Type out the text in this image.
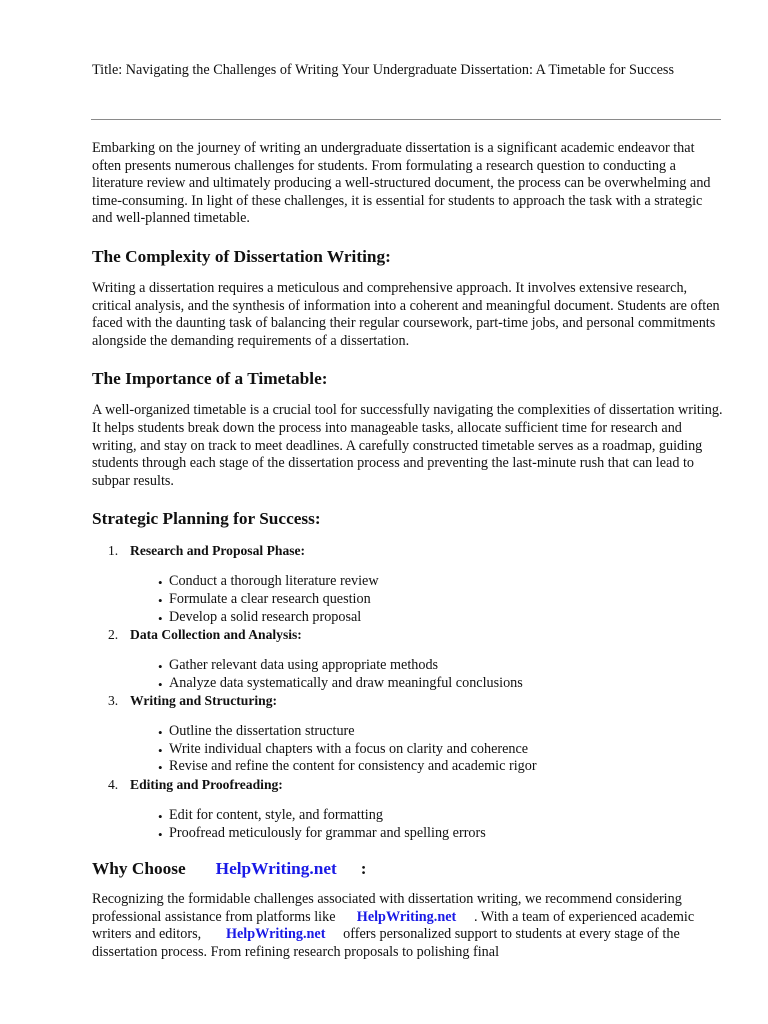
Title: Navigating the Challenges of Writing Your Undergraduate Dissertation: A Timetable for Success

Embarking on the journey of writing an undergraduate dissertation is a significant academic endeavor that often presents numerous challenges for students. From formulating a research question to conducting a literature review and ultimately producing a well-structured document, the process can be overwhelming and time-consuming. In light of these challenges, it is essential for students to approach the task with a strategic and well-planned timetable.

The Complexity of Dissertation Writing:

Writing a dissertation requires a meticulous and comprehensive approach. It involves extensive research, critical analysis, and the synthesis of information into a coherent and meaningful document. Students are often faced with the daunting task of balancing their regular coursework, part-time jobs, and personal commitments alongside the demanding requirements of a dissertation.

The Importance of a Timetable:

A well-organized timetable is a crucial tool for successfully navigating the complexities of dissertation writing. It helps students break down the process into manageable tasks, allocate sufficient time for research and writing, and stay on track to meet deadlines. A carefully constructed timetable serves as a roadmap, guiding students through each stage of the dissertation process and preventing the last-minute rush that can lead to subpar results.

Strategic Planning for Success:
1. Research and Proposal Phase:
• Conduct a thorough literature review
• Formulate a clear research question
• Develop a solid research proposal
2. Data Collection and Analysis:
• Gather relevant data using appropriate methods
• Analyze data systematically and draw meaningful conclusions
3. Writing and Structuring:
• Outline the dissertation structure
• Write individual chapters with a focus on clarity and coherence
• Revise and refine the content for consistency and academic rigor
4. Editing and Proofreading:
• Edit for content, style, and formatting
• Proofread meticulously for grammar and spelling errors
Why Choose HelpWriting.net :
Recognizing the formidable challenges associated with dissertation writing, we recommend considering professional assistance from platforms like HelpWriting.net . With a team of experienced academic writers and editors, HelpWriting.net offers personalized support to students at every stage of the dissertation process. From refining research proposals to polishing final
